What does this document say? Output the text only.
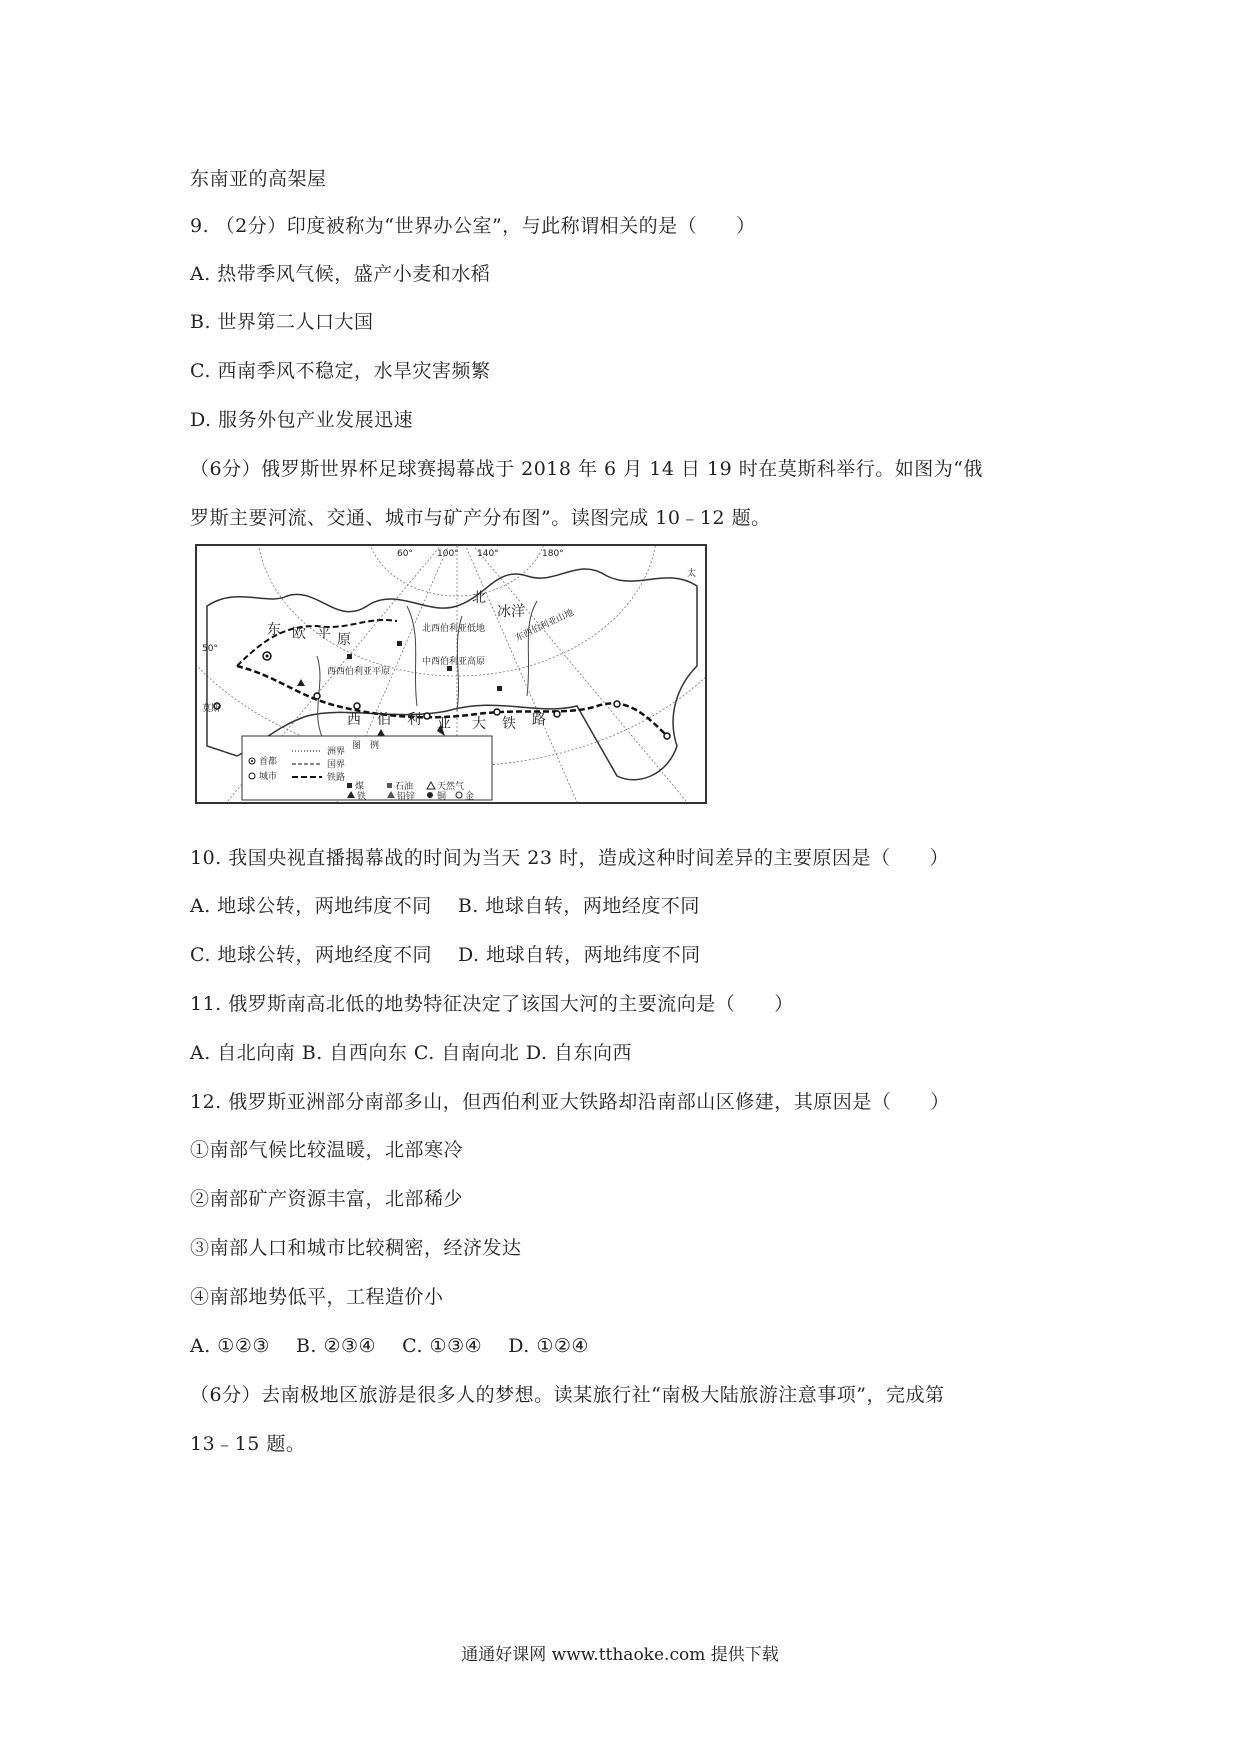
东南亚的高架屋
9. （2分）印度被称为“世界办公室”，与此称谓相关的是（　　）
A. 热带季风气候，盛产小麦和水稻
B. 世界第二人口大国
C. 西南季风不稳定，水旱灾害频繁
D. 服务外包产业发展迅速
（6分）俄罗斯世界杯足球赛揭幕战于 2018 年 6 月 14 日 19 时在莫斯科举行。如图为“俄
罗斯主要河流、交通、城市与矿产分布图”。读图完成 10﹣12 题。
北
冰洋
东 欧 平 原
北西伯利亚低地
西西伯利亚平原
中西伯利亚高原
东西伯利亚山地
西 伯 利 亚 大 铁 路
莫斯
50°
60°	100° 140°	180°
太
图　例
首都
城市
洲界
国界
铁路
煤	石油	天然气
铁	铅锌 铜 金
10. 我国央视直播揭幕战的时间为当天 23 时，造成这种时间差异的主要原因是（　　）
A. 地球公转，两地纬度不同　 B. 地球自转，两地经度不同
C. 地球公转，两地经度不同　 D. 地球自转，两地纬度不同
11. 俄罗斯南高北低的地势特征决定了该国大河的主要流向是（　　）
A. 自北向南 B. 自西向东 C. 自南向北 D. 自东向西
12. 俄罗斯亚洲部分南部多山，但西伯利亚大铁路却沿南部山区修建，其原因是（　　）
①南部气候比较温暖，北部寒冷
②南部矿产资源丰富，北部稀少
③南部人口和城市比较稠密，经济发达
④南部地势低平，工程造价小
A. ①②③　 B. ②③④　 C. ①③④　 D. ①②④
（6分）去南极地区旅游是很多人的梦想。读某旅行社“南极大陆旅游注意事项”，完成第
13﹣15 题。
通通好课网 www.tthaoke.com 提供下载
